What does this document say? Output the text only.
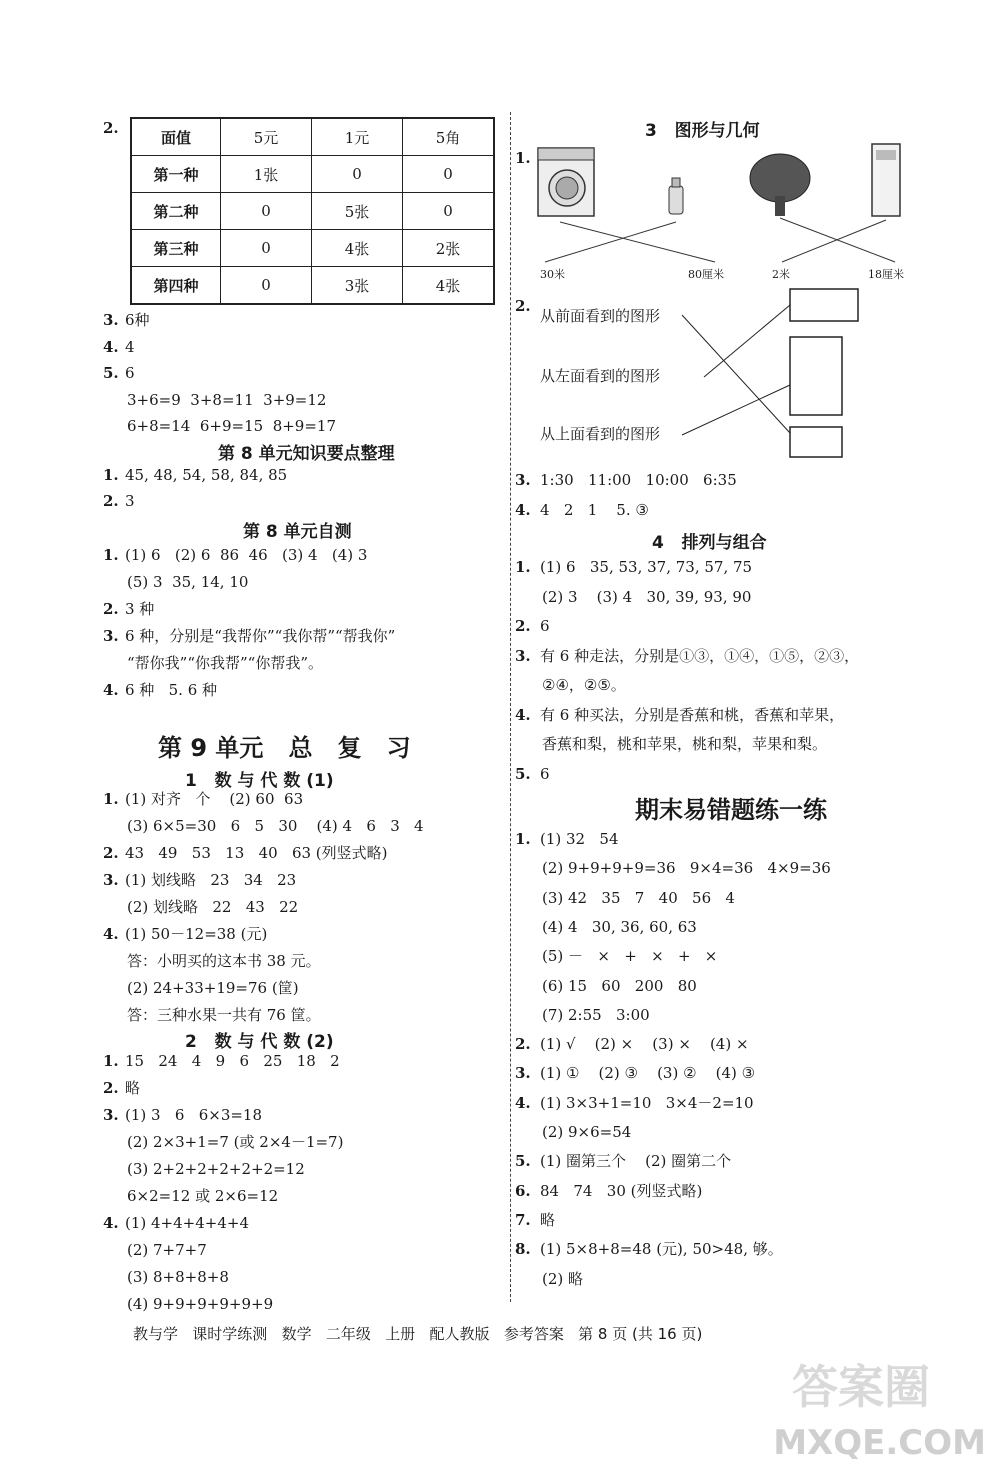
2.
面值	5元	1元	5角
第一种	1张	0	0
第二种	0	5张	0
第三种	0	4张	2张
第四种	0	3张	4张
3. 6种
4. 4
5. 6
3+6=9  3+8=11  3+9=12
6+8=14  6+9=15  8+9=17
第 8 单元知识要点整理
1. 45, 48, 54, 58, 84, 85
2. 3
第 8 单元自测
1. (1) 6   (2) 6  86  46   (3) 4   (4) 3
(5) 3  35, 14, 10
2. 3 种
3. 6 种，分别是“我帮你”“我你帮”“帮我你”
“帮你我”“你我帮”“你帮我”。
4. 6 种   5. 6 种
第 9 单元   总   复   习
1   数 与 代 数 (1)
1. (1) 对齐   个    (2) 60  63
(3) 6×5=30   6   5   30    (4) 4   6   3   4
2. 43   49   53   13   40   63 (列竖式略)
3. (1) 划线略   23   34   23
(2) 划线略   22   43   22
4. (1) 50－12=38 (元)
答：小明买的这本书 38 元。
(2) 24+33+19=76 (筐)
答：三种水果一共有 76 筐。
2   数 与 代 数 (2)
1. 15   24   4   9   6   25   18   2
2. 略
3. (1) 3   6   6×3=18
(2) 2×3+1=7 (或 2×4－1=7)
(3) 2+2+2+2+2+2=12
6×2=12 或 2×6=12
4. (1) 4+4+4+4+4
(2) 7+7+7
(3) 8+8+8+8
(4) 9+9+9+9+9+9
3   图形与几何
1.
30米	80厘米	2米	18厘米
2.
从前面看到的图形
从左面看到的图形
从上面看到的图形
3. 1:30   11:00   10:00   6:35
4. 4   2   1    5. ③
4   排列与组合
1. (1) 6   35, 53, 37, 73, 57, 75
(2) 3    (3) 4   30, 39, 93, 90
2. 6
3. 有 6 种走法，分别是①③，①④，①⑤，②③，
②④，②⑤。
4. 有 6 种买法，分别是香蕉和桃，香蕉和苹果，
香蕉和梨，桃和苹果，桃和梨，苹果和梨。
5. 6
期末易错题练一练
1. (1) 32   54
(2) 9+9+9+9=36   9×4=36   4×9=36
(3) 42   35   7   40   56   4
(4) 4   30, 36, 60, 63
(5) －   ×   +   ×   +   ×
(6) 15   60   200   80
(7) 2:55   3:00
2. (1) √    (2) ×    (3) ×    (4) ×
3. (1) ①    (2) ③    (3) ②    (4) ③
4. (1) 3×3+1=10   3×4－2=10
(2) 9×6=54
5. (1) 圈第三个    (2) 圈第二个
6. 84   74   30 (列竖式略)
7. 略
8. (1) 5×8+8=48 (元), 50>48, 够。
(2) 略
教与学   课时学练测   数学   二年级   上册   配人教版   参考答案   第 8 页 (共 16 页)
答案圈
MXQE.COM
